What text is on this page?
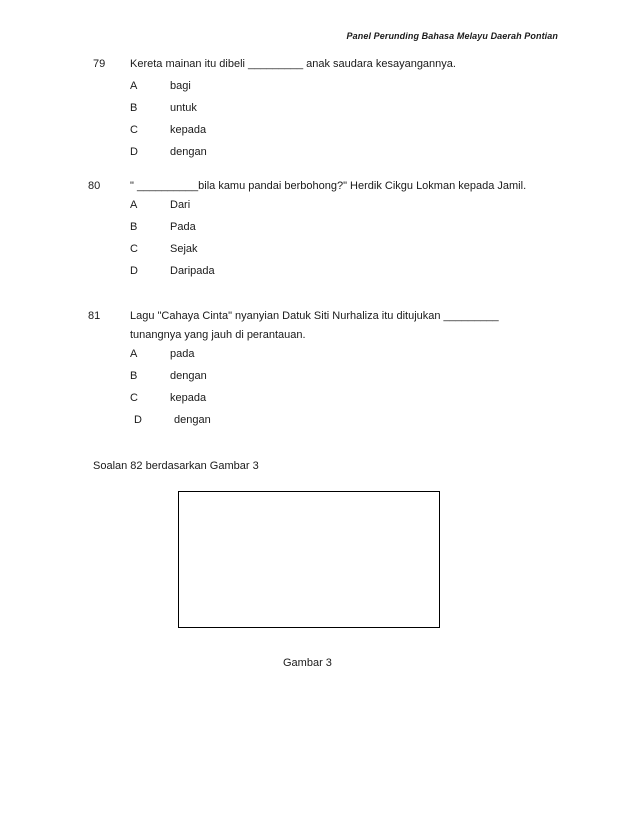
Panel Perunding Bahasa Melayu Daerah Pontian
79 Kereta mainan itu dibeli _________ anak saudara kesayangannya.
A	bagi
B	untuk
C	kepada
D	dengan
80	" __________bila kamu pandai berbohong?" Herdik Cikgu Lokman kepada Jamil.
A	Dari
B	Pada
C	Sejak
D	Daripada
81	Lagu "Cahaya Cinta" nyanyian Datuk Siti Nurhaliza itu ditujukan _________
tunangnya yang jauh di perantauan.
A	pada
B	dengan
C	kepada
D	dengan
Soalan 82 berdasarkan Gambar 3
Gambar 3
